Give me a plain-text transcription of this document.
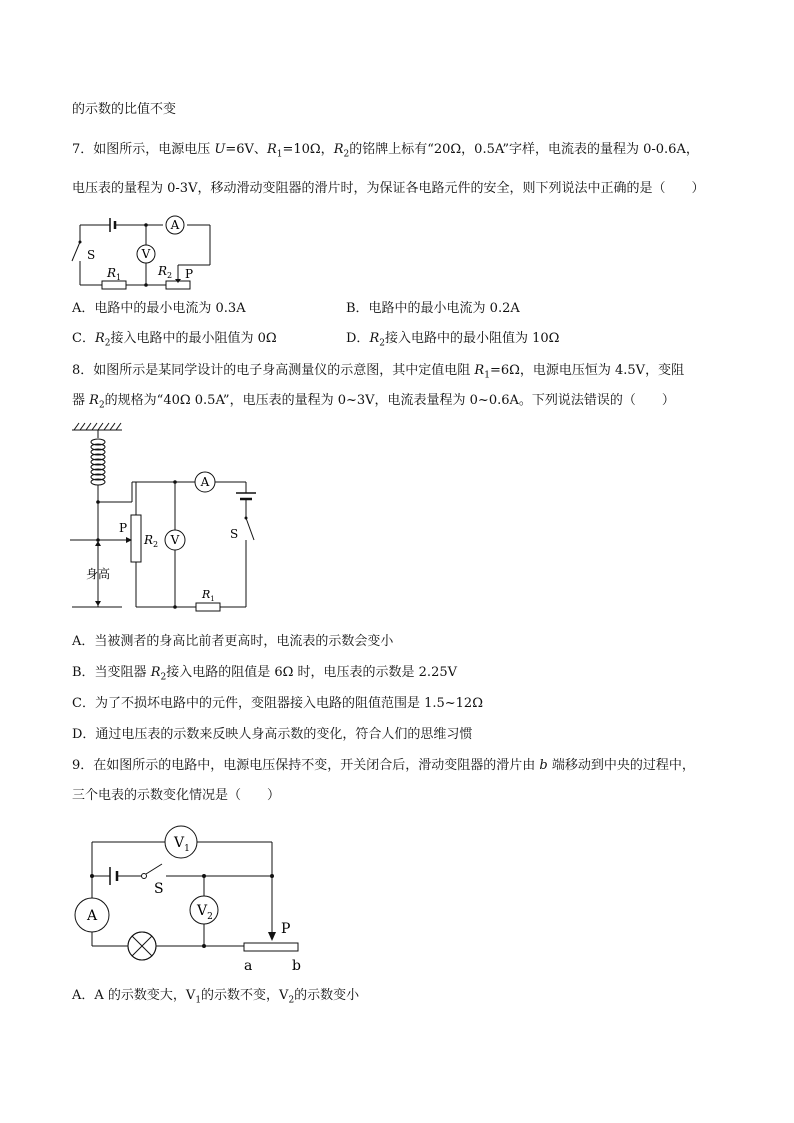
的示数的比值不变
7．如图所示，电源电压 U=6V、$R_1=10\Omega$，$R_2$的铭牌上标有“20Ω，0.5A”字样，电流表的量程为 0-0.6A，
电压表的量程为 0-3V，移动滑动变阻器的滑片时，为保证各电路元件的安全，则下列说法中正确的是（　　）
A
V
S
$R_1$	$R_2$ P
A．电路中的最小电流为 0.3A	B．电路中的最小电流为 0.2A
C．$R_2$接入电路中的最小阻值为 0Ω	D．$R_2$接入电路中的最小阻值为 10Ω
8．如图所示是某同学设计的电子身高测量仪的示意图，其中定值电阻 $R_1=6\Omega$，电源电压恒为 4.5V，变阻
器 $R_2$的规格为“40Ω 0.5A”，电压表的量程为 0~3V，电流表量程为 0~0.6A。下列说法错误的（　　）
P
$R_2$ V
A
S
$R_1$
身高
A．当被测者的身高比前者更高时，电流表的示数会变小
B．当变阻器 $R_2$接入电路的阻值是 6Ω 时，电压表的示数是 2.25V
C．为了不损坏电路中的元件，变阻器接入电路的阻值范围是 1.5~12Ω
D．通过电压表的示数来反映人身高示数的变化，符合人们的思维习惯
9．在如图所示的电路中，电源电压保持不变，开关闭合后，滑动变阻器的滑片由 b 端移动到中央的过程中，
三个电表的示数变化情况是（　　）
$V_1$
$V_2$
A
S
P
a	b
A．A 的示数变大，$V_1$的示数不变，$V_2$的示数变小
